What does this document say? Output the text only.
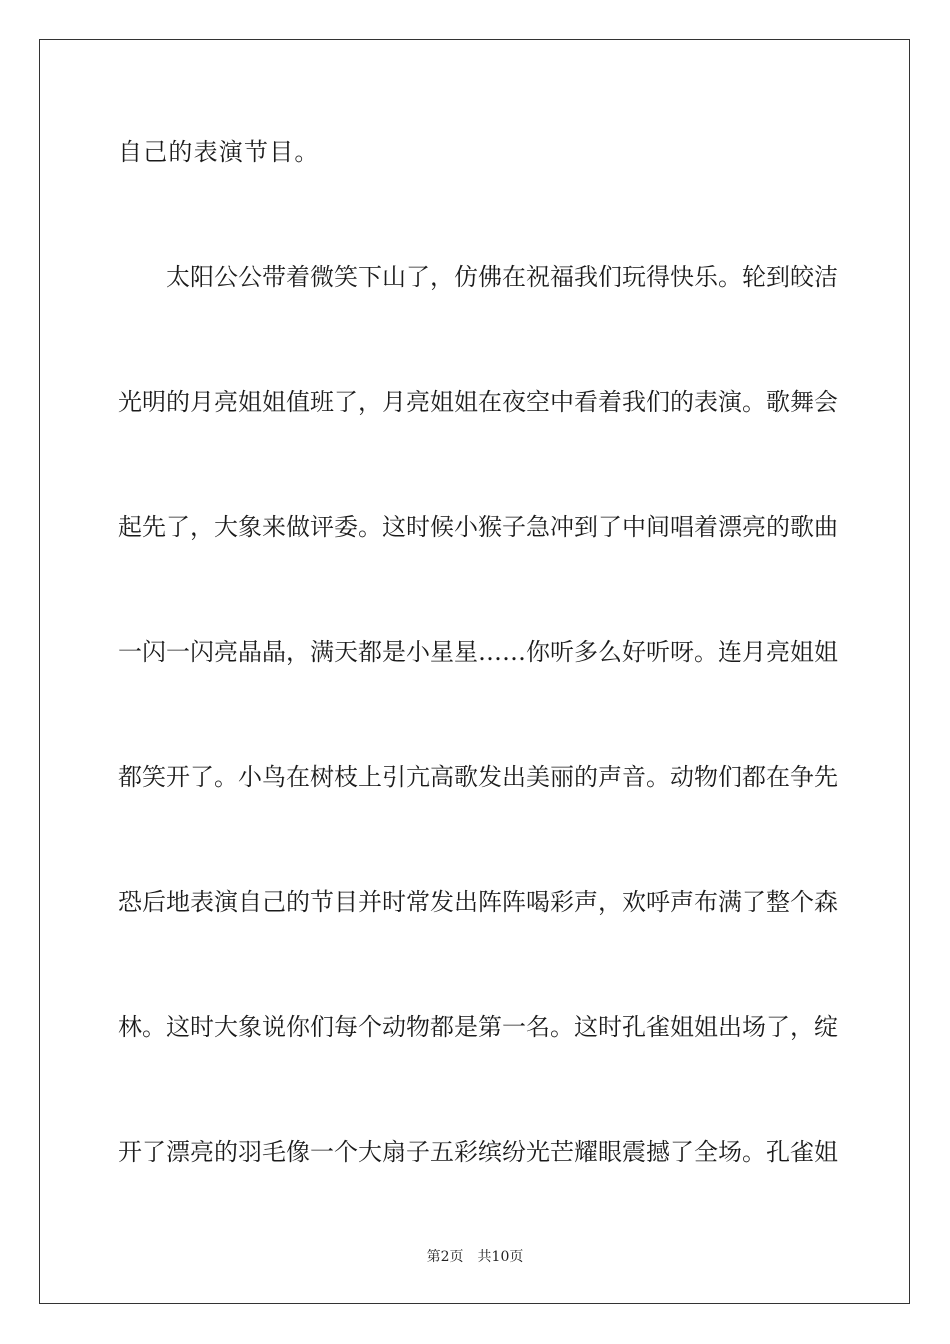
自己的表演节目。
太阳公公带着微笑下山了，仿佛在祝福我们玩得快乐。轮到皎洁
光明的月亮姐姐值班了，月亮姐姐在夜空中看着我们的表演。歌舞会
起先了，大象来做评委。这时候小猴子急冲到了中间唱着漂亮的歌曲
一闪一闪亮晶晶，满天都是小星星……你听多么好听呀。连月亮姐姐
都笑开了。小鸟在树枝上引亢高歌发出美丽的声音。动物们都在争先
恐后地表演自己的节目并时常发出阵阵喝彩声，欢呼声布满了整个森
林。这时大象说你们每个动物都是第一名。这时孔雀姐姐出场了，绽
开了漂亮的羽毛像一个大扇子五彩缤纷光芒耀眼震撼了全场。孔雀姐
第2页 共10页
